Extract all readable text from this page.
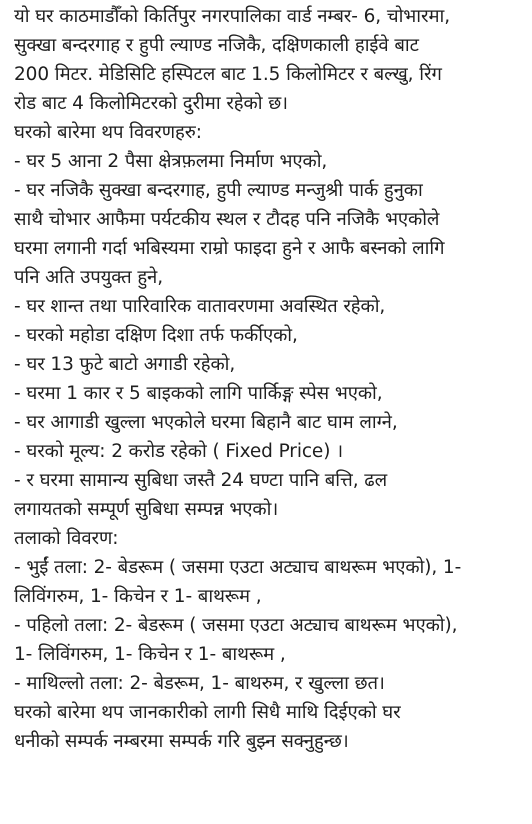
यो घर काठमाडौँको किर्तिपुर नगरपालिका वार्ड नम्बर- 6, चोभारमा,
सुक्खा बन्दरगाह र हुपी ल्याण्ड नजिकै, दक्षिणकाली हाईवे बाट
200 मिटर. मेडिसिटि हस्पिटल बाट 1.5 किलोमिटर र बल्खु, रिंग
रोड बाट 4 किलोमिटरको दुरीमा रहेको छ।
घरको बारेमा थप विवरणहरु:
- घर 5 आना 2 पैसा क्षेत्रफ़लमा निर्माण भएको,
- घर नजिकै सुक्खा बन्दरगाह, हुपी ल्याण्ड मन्जुश्री पार्क हुनुका
साथै चोभार आफैमा पर्यटकीय स्थल र टौदह पनि नजिकै भएकोले
घरमा लगानी गर्दा भबिस्यमा राम्रो फाइदा हुने र आफै बस्नको लागि
पनि अति उपयुक्त हुने,
- घर शान्त तथा पारिवारिक वातावरणमा अवस्थित रहेको,
- घरको महोडा दक्षिण दिशा तर्फ फर्कीएको,
- घर 13 फुटे बाटो अगाडी रहेको,
- घरमा 1 कार र 5 बाइकको लागि पार्किङ्ग स्पेस भएको,
- घर आगाडी खुल्ला भएकोले घरमा बिहानै बाट घाम लाग्ने,
- घरको मूल्य: 2 करोड रहेको ( Fixed Price) ।
- र घरमा सामान्य सुबिधा जस्तै 24 घण्टा पानि बत्ति, ढल
लगायतको सम्पूर्ण सुबिधा सम्पन्न भएको।
तलाको विवरण:
- भुईं तला: 2- बेडरूम ( जसमा एउटा अट्याच बाथरूम भएको), 1-
लिविंगरुम, 1- किचेन र 1- बाथरूम ,
- पहिलो तला: 2- बेडरूम ( जसमा एउटा अट्याच बाथरूम भएको),
1- लिविंगरुम, 1- किचेन र 1- बाथरूम ,
- माथिल्लो तला: 2- बेडरूम, 1- बाथरुम, र खुल्ला छत।
घरको बारेमा थप जानकारीको लागी सिधै माथि दिईएको घर
धनीको सम्पर्क नम्बरमा सम्पर्क गरि बुझ्न सक्नुहुन्छ।
